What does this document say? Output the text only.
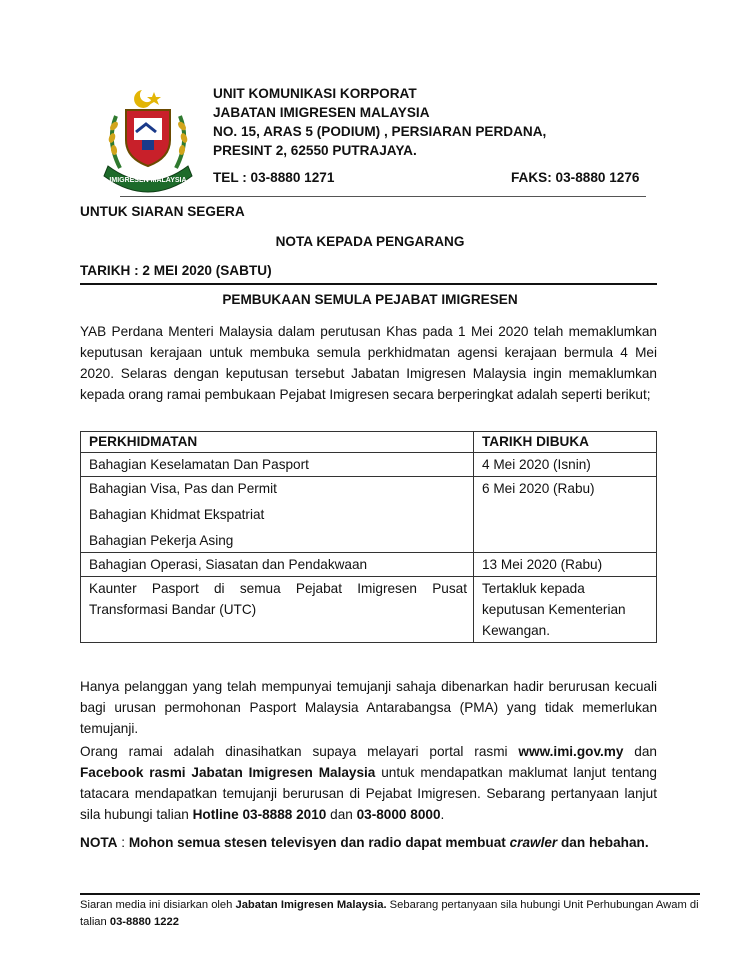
IMIGRESEN MALAYSIA
UNIT KOMUNIKASI KORPORAT
JABATAN IMIGRESEN MALAYSIA
NO. 15, ARAS 5 (PODIUM) , PERSIARAN PERDANA,
PRESINT 2, 62550 PUTRAJAYA.
TEL : 03-8880 1271	FAKS: 03-8880 1276
UNTUK SIARAN SEGERA
NOTA KEPADA PENGARANG
TARIKH : 2 MEI 2020 (SABTU)
PEMBUKAAN SEMULA PEJABAT IMIGRESEN
YAB Perdana Menteri Malaysia dalam perutusan Khas pada 1 Mei 2020 telah memaklumkan keputusan kerajaan untuk membuka semula perkhidmatan agensi kerajaan bermula 4 Mei 2020. Selaras dengan keputusan tersebut Jabatan Imigresen Malaysia ingin memaklumkan kepada orang ramai pembukaan Pejabat Imigresen secara berperingkat adalah seperti berikut;
PERKHIDMATAN	TARIKH DIBUKA

Bahagian Keselamatan Dan Pasport	4 Mei 2020 (Isnin)

Bahagian Visa, Pas dan Permit
Bahagian Khidmat Ekspatriat
Bahagian Pekerja Asing	6 Mei 2020 (Rabu)

Bahagian Operasi, Siasatan dan Pendakwaan	13 Mei 2020 (Rabu)

Kaunter Pasport di semua Pejabat Imigresen Pusat Transformasi Bandar (UTC)	Tertakluk kepada keputusan Kementerian Kewangan.
Hanya pelanggan yang telah mempunyai temujanji sahaja dibenarkan hadir berurusan kecuali bagi urusan permohonan Pasport Malaysia Antarabangsa (PMA) yang tidak memerlukan temujanji.
Orang ramai adalah dinasihatkan supaya melayari portal rasmi www.imi.gov.my dan Facebook rasmi Jabatan Imigresen Malaysia untuk mendapatkan maklumat lanjut tentang tatacara mendapatkan temujanji berurusan di Pejabat Imigresen. Sebarang pertanyaan lanjut sila hubungi talian Hotline 03-8888 2010 dan 03-8000 8000.
NOTA : Mohon semua stesen televisyen dan radio dapat membuat crawler dan hebahan.
Siaran media ini disiarkan oleh Jabatan Imigresen Malaysia. Sebarang pertanyaan sila hubungi Unit Perhubungan Awam di talian 03-8880 1222
